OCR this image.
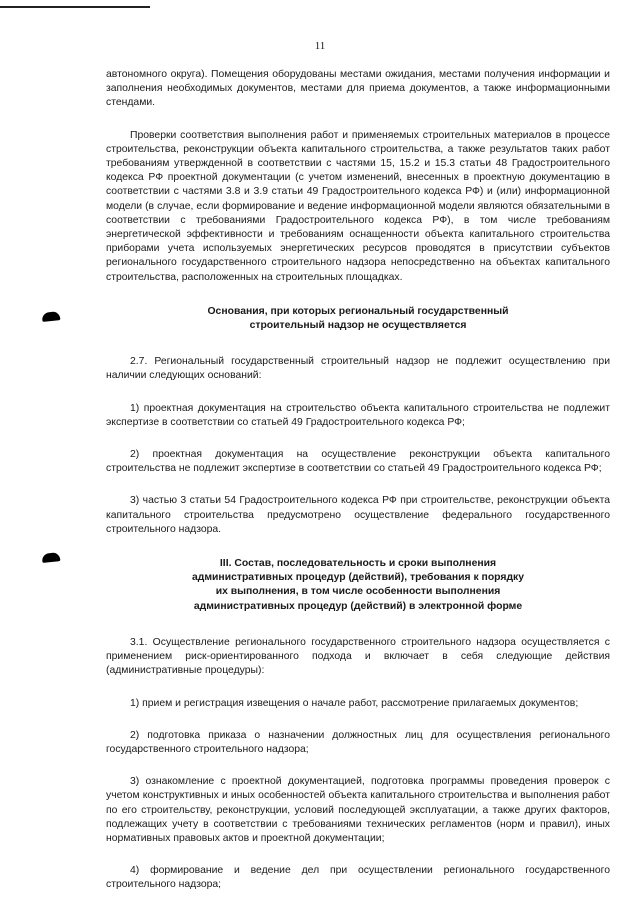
11

автономного округа). Помещения оборудованы местами ожидания, местами получения информации и заполнения необходимых документов, местами для приема документов, а также информационными стендами.

Проверки соответствия выполнения работ и применяемых строительных материалов в процессе строительства, реконструкции объекта капитального строительства, а также результатов таких работ требованиям утвержденной в соответствии с частями 15, 15.2 и 15.3 статьи 48 Градостроительного кодекса РФ проектной документации (с учетом изменений, внесенных в проектную документацию в соответствии с частями 3.8 и 3.9 статьи 49 Градостроительного кодекса РФ) и (или) информационной модели (в случае, если формирование и ведение информационной модели являются обязательными в соответствии с требованиями Градостроительного кодекса РФ), в том числе требованиям энергетической эффективности и требованиям оснащенности объекта капитального строительства приборами учета используемых энергетических ресурсов проводятся в присутствии субъектов регионального государственного строительного надзора непосредственно на объектах капитального строительства, расположенных на строительных площадках.

Основания, при которых региональный государственный
строительный надзор не осуществляется

2.7. Региональный государственный строительный надзор не подлежит осуществлению при наличии следующих оснований:

1) проектная документация на строительство объекта капитального строительства не подлежит экспертизе в соответствии со статьей 49 Градостроительного кодекса РФ;

2) проектная документация на осуществление реконструкции объекта капитального строительства не подлежит экспертизе в соответствии со статьей 49 Градостроительного кодекса РФ;

3) частью 3 статьи 54 Градостроительного кодекса РФ при строительстве, реконструкции объекта капитального строительства предусмотрено осуществление федерального государственного строительного надзора.

III. Состав, последовательность и сроки выполнения
административных процедур (действий), требования к порядку
их выполнения, в том числе особенности выполнения
административных процедур (действий) в электронной форме

3.1. Осуществление регионального государственного строительного надзора осуществляется с применением риск-ориентированного подхода и включает в себя следующие действия (административные процедуры):

1) прием и регистрация извещения о начале работ, рассмотрение прилагаемых документов;

2) подготовка приказа о назначении должностных лиц для осуществления регионального государственного строительного надзора;

3) ознакомление с проектной документацией, подготовка программы проведения проверок с учетом конструктивных и иных особенностей объекта капитального строительства и выполнения работ по его строительству, реконструкции, условий последующей эксплуатации, а также других факторов, подлежащих учету в соответствии с требованиями технических регламентов (норм и правил), иных нормативных правовых актов и проектной документации;

4) формирование и ведение дел при осуществлении регионального государственного строительного надзора;
